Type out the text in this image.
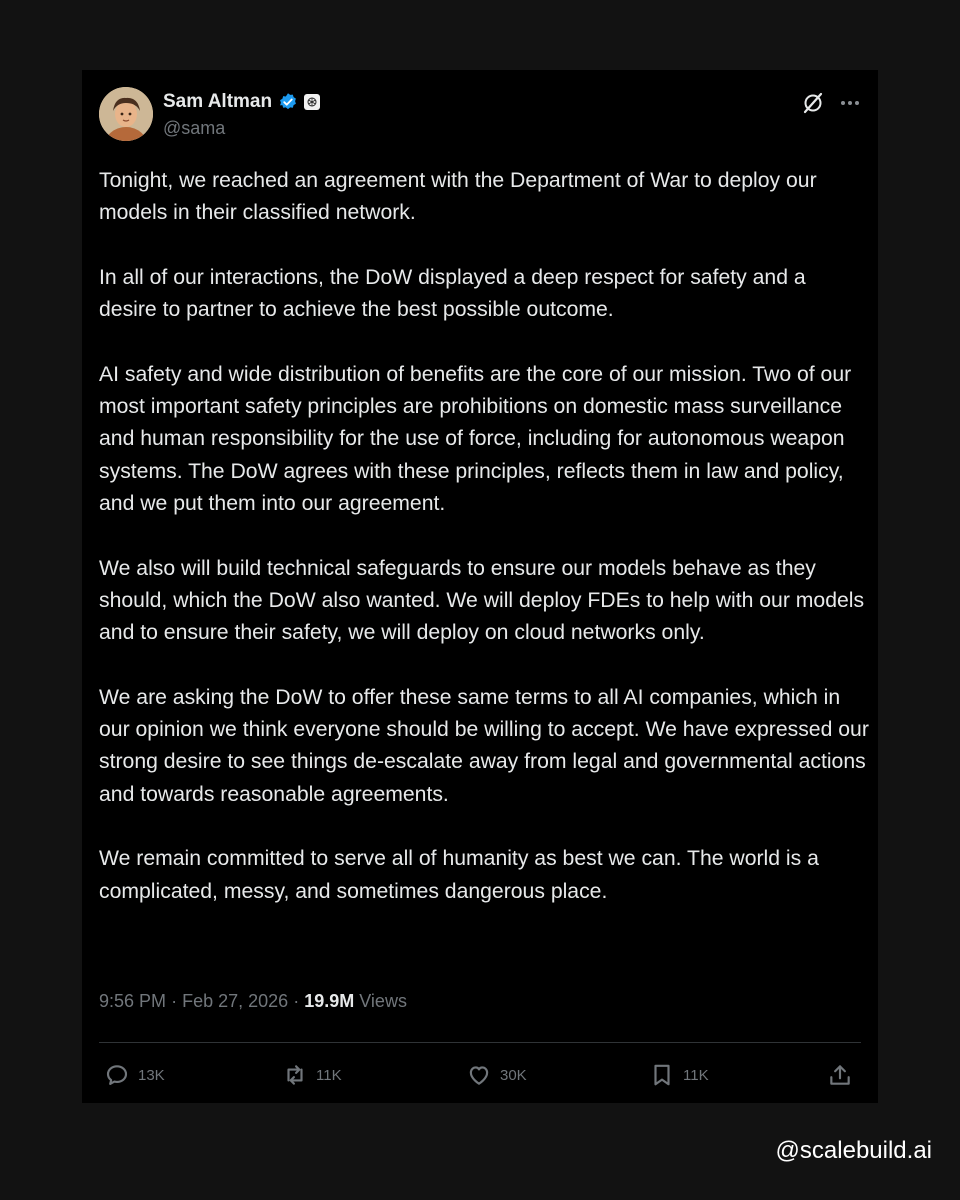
Sam Altman
@sama

Tonight, we reached an agreement with the Department of War to deploy our models in their classified network.

In all of our interactions, the DoW displayed a deep respect for safety and a desire to partner to achieve the best possible outcome.

AI safety and wide distribution of benefits are the core of our mission. Two of our most important safety principles are prohibitions on domestic mass surveillance and human responsibility for the use of force, including for autonomous weapon systems. The DoW agrees with these principles, reflects them in law and policy, and we put them into our agreement.

We also will build technical safeguards to ensure our models behave as they should, which the DoW also wanted. We will deploy FDEs to help with our models and to ensure their safety, we will deploy on cloud networks only.

We are asking the DoW to offer these same terms to all AI companies, which in our opinion we think everyone should be willing to accept. We have expressed our strong desire to see things de-escalate away from legal and governmental actions and towards reasonable agreements.

We remain committed to serve all of humanity as best we can. The world is a complicated, messy, and sometimes dangerous place.

9:56 PM · Feb 27, 2026 · 19.9M Views
13K	11K	30K	11K
@scalebuild.ai
